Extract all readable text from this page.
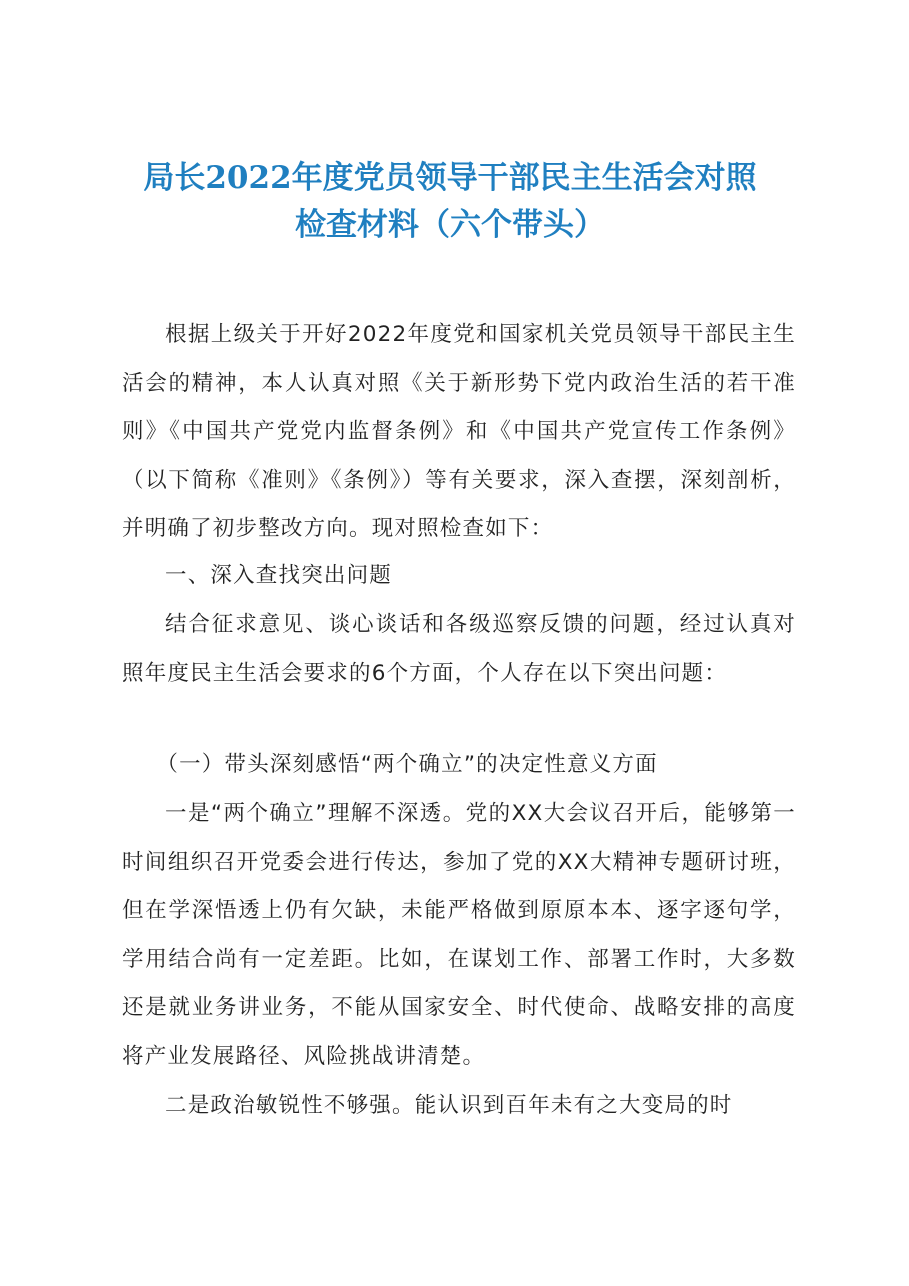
局长2022年度党员领导干部民主生活会对照
检查材料（六个带头）

根据上级关于开好2022年度党和国家机关党员领导干部民主生活会的精神，本人认真对照《关于新形势下党内政治生活的若干准则》《中国共产党党内监督条例》和《中国共产党宣传工作条例》（以下简称《准则》《条例》）等有关要求，深入查摆，深刻剖析，并明确了初步整改方向。现对照检查如下：

一、深入查找突出问题

结合征求意见、谈心谈话和各级巡察反馈的问题，经过认真对照年度民主生活会要求的6个方面，个人存在以下突出问题：

（一）带头深刻感悟“两个确立”的决定性意义方面

一是“两个确立”理解不深透。党的XX大会议召开后，能够第一时间组织召开党委会进行传达，参加了党的XX大精神专题研讨班，但在学深悟透上仍有欠缺，未能严格做到原原本本、逐字逐句学，学用结合尚有一定差距。比如，在谋划工作、部署工作时，大多数还是就业务讲业务，不能从国家安全、时代使命、战略安排的高度将产业发展路径、风险挑战讲清楚。

二是政治敏锐性不够强。能认识到百年未有之大变局的时
